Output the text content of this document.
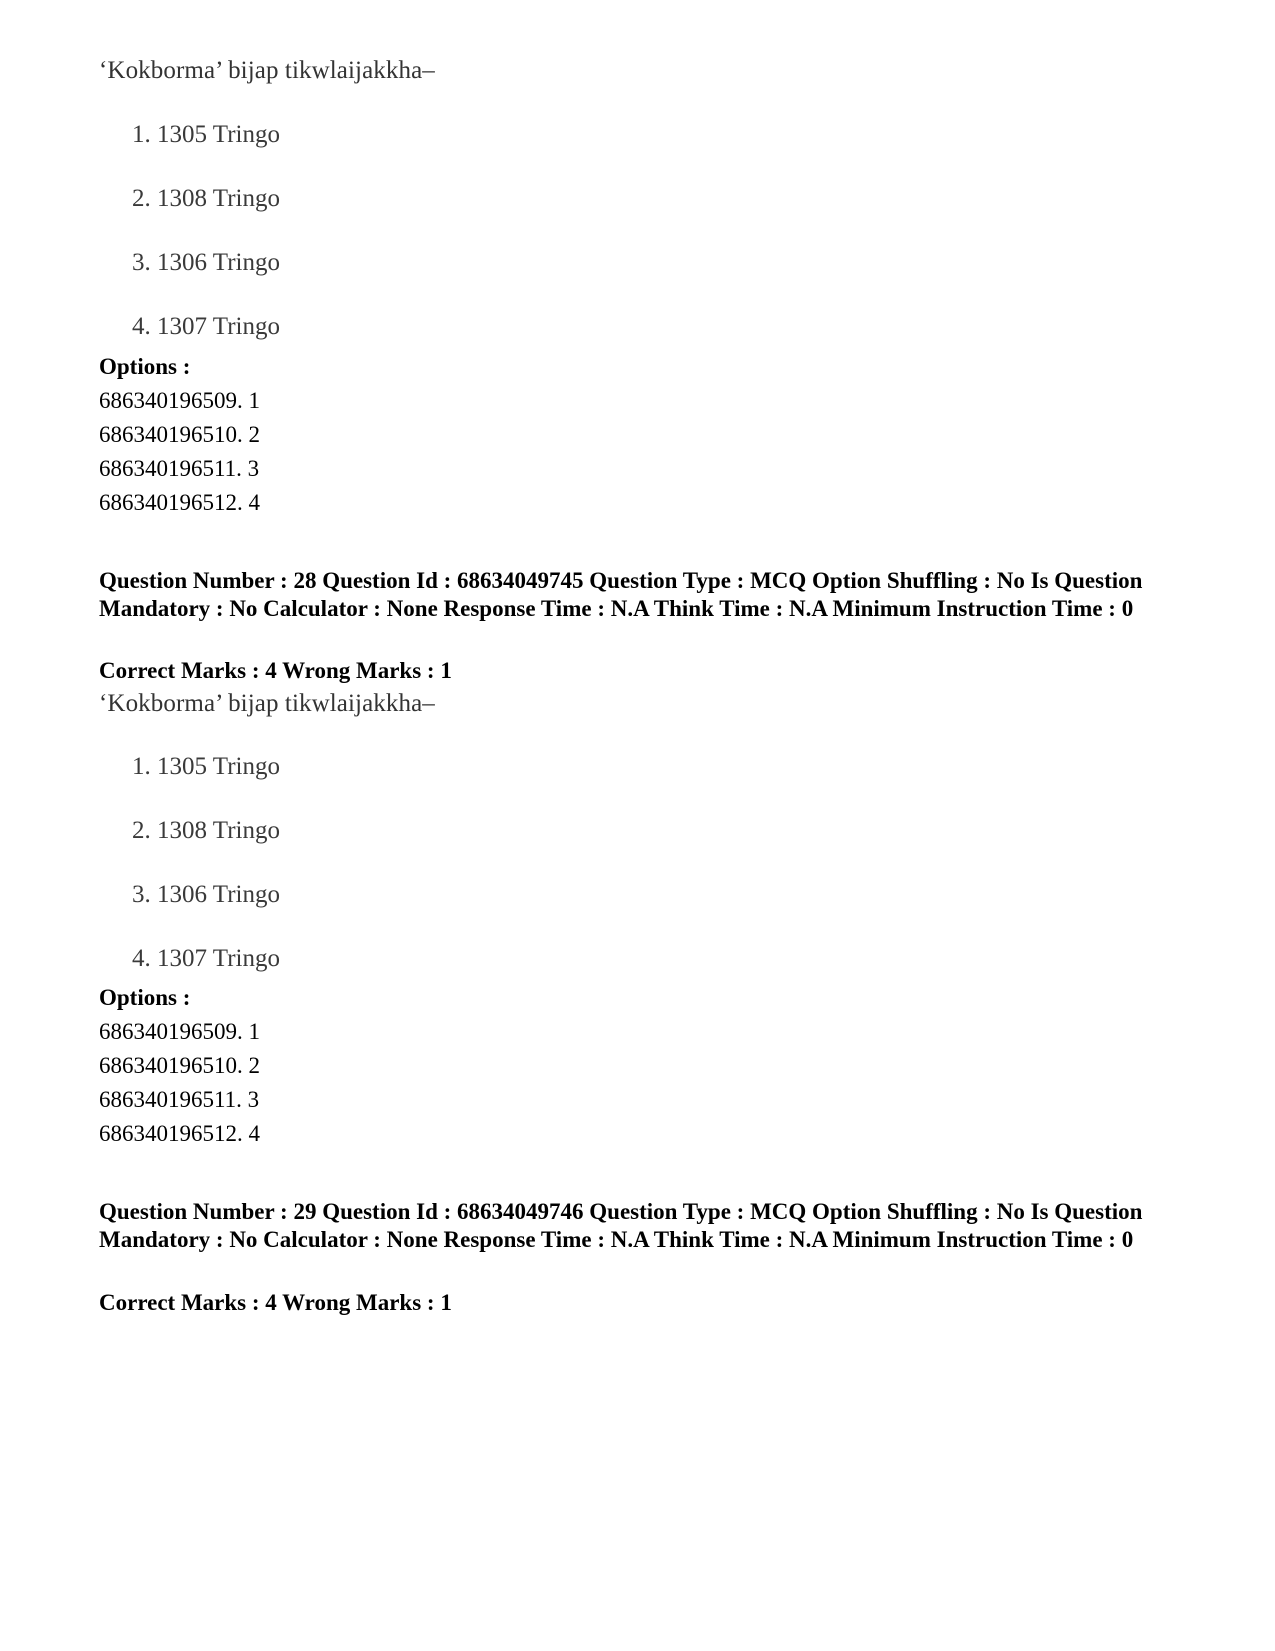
‘Kokborma’ bijap tikwlaijakkha–
1. 1305 Tringo
2. 1308 Tringo
3. 1306 Tringo
4. 1307 Tringo
Options :
686340196509. 1
686340196510. 2
686340196511. 3
686340196512. 4
Question Number : 28 Question Id : 68634049745 Question Type : MCQ Option Shuffling : No Is Question Mandatory : No Calculator : None Response Time : N.A Think Time : N.A Minimum Instruction Time : 0
Correct Marks : 4 Wrong Marks : 1
‘Kokborma’ bijap tikwlaijakkha–
1. 1305 Tringo
2. 1308 Tringo
3. 1306 Tringo
4. 1307 Tringo
Options :
686340196509. 1
686340196510. 2
686340196511. 3
686340196512. 4
Question Number : 29 Question Id : 68634049746 Question Type : MCQ Option Shuffling : No Is Question Mandatory : No Calculator : None Response Time : N.A Think Time : N.A Minimum Instruction Time : 0
Correct Marks : 4 Wrong Marks : 1
